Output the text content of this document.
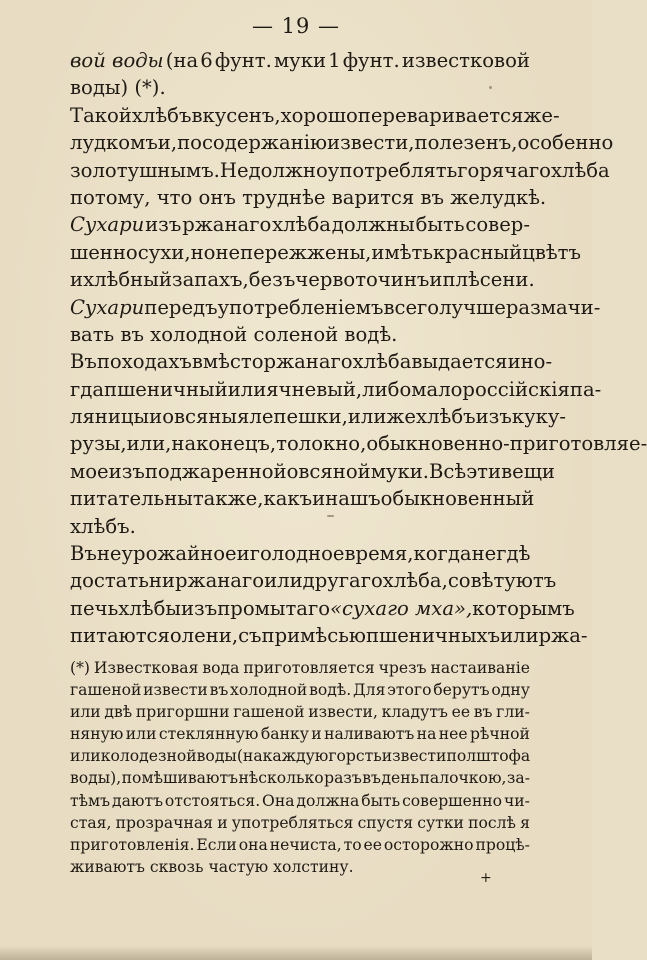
— 19 —
вой воды (на 6 фунт. муки 1 фунт. известковой
воды) (*).
Такой хлѣбъ вкусенъ, хорошо переваривается же-
лудкомъ и, по содержанію извести, полезенъ, особенно
золотушнымъ. Не должно употреблять горячаго хлѣба
потому, что онъ труднѣе варится въ желудкѣ.
Сухари изъ ржанаго хлѣба должны быть совер-
шенно сухи, но не пережжены, имѣть красный цвѣтъ
и хлѣбный запахъ, безъ червоточинъ и плѣсени.
Сухари передъ употребленіемъ всего лучше размачи-
вать въ холодной соленой водѣ.
Въ походахъ вмѣсто ржанаго хлѣба выдается ино-
гда пшеничный или ячневый, либо малороссійскія па-
ляницы и овсяныя лепешки, или же хлѣбъ изъ куку-
рузы, или, наконецъ, толокно, обыкновенно-приготовляе-
мое изъ поджаренной овсяной муки. Всѣ эти вещи
питательны также, какъ и нашъ обыкновенный
хлѣбъ.
Въ неурожайное и голодное время, когда негдѣ
достать ни ржанаго или другаго хлѣба, совѣтуютъ
печь хлѣбы изъ промытаго «сухаго мха», которымъ
питаются олени, съ примѣсью пшеничныхъ или ржа-
(*) Известковая вода приготовляется чрезъ настаиваніе
гашеной извести въ холодной водѣ. Для этого берутъ одну
или двѣ пригоршни гашеной извести, кладутъ ее въ гли-
няную или стеклянную банку и наливаютъ на нее рѣчной
или колодезной воды (на каждую горсть извести полштофа
воды), помѣшиваютъ нѣсколько разъ въ день палочкою, за-
тѣмъ даютъ отстояться. Она должна быть совершенно чи-
стая, прозрачная и употребляться спустя сутки послѣ я
приготовленія. Если она нечиста, то ее осторожно процѣ-
живаютъ сквозь частую холстину.
+
